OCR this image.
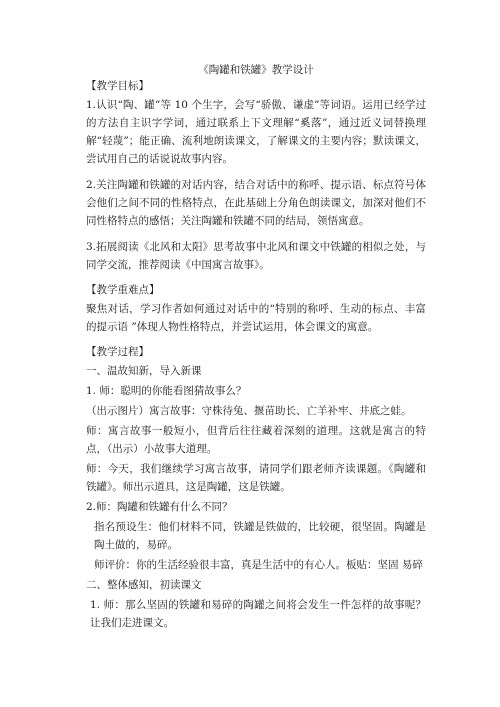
《陶罐和铁罐》教学设计
【教学目标】
1.认识“陶、罐”等 10 个生字，会写“骄傲、谦虚”等词语。运用已经学过的方法自主识字学词，通过联系上下文理解“奚落”，通过近义词替换理解“轻蔑”；能正确、流利地朗读课文，了解课文的主要内容；默读课文，尝试用自己的话说说故事内容。
2.关注陶罐和铁罐的对话内容，结合对话中的称呼、提示语、标点符号体会他们之间不同的性格特点，在此基础上分角色朗读课文，加深对他们不同性格特点的感悟；关注陶罐和铁罐不同的结局，领悟寓意。
3.拓展阅读《北风和太阳》思考故事中北风和课文中铁罐的相似之处，与同学交流，推荐阅读《中国寓言故事》。
【教学重难点】
聚焦对话，学习作者如何通过对话中的“特别的称呼、生动的标点、丰富的提示语 ”体现人物性格特点，并尝试运用，体会课文的寓意。
【教学过程】
一、温故知新，导入新课
1. 师：聪明的你能看图猜故事么？
（出示图片）寓言故事：守株待兔、揠苗助长、亡羊补牢、井底之蛙。
师：寓言故事一般短小，但背后往往藏着深刻的道理。这就是寓言的特点，（出示）小故事大道理。
师：今天，我们继续学习寓言故事，请同学们跟老师齐读课题。《陶罐和铁罐》。师出示道具，这是陶罐，这是铁罐。
2.师：陶罐和铁罐有什么不同？
指名预设生：他们材料不同，铁罐是铁做的，比较硬，很坚固。陶罐是陶土做的，易碎。
师评价：你的生活经验很丰富，真是生活中的有心人。板贴：坚固 易碎
二、整体感知，初读课文
1. 师：那么坚固的铁罐和易碎的陶罐之间将会发生一件怎样的故事呢？让我们走进课文。
